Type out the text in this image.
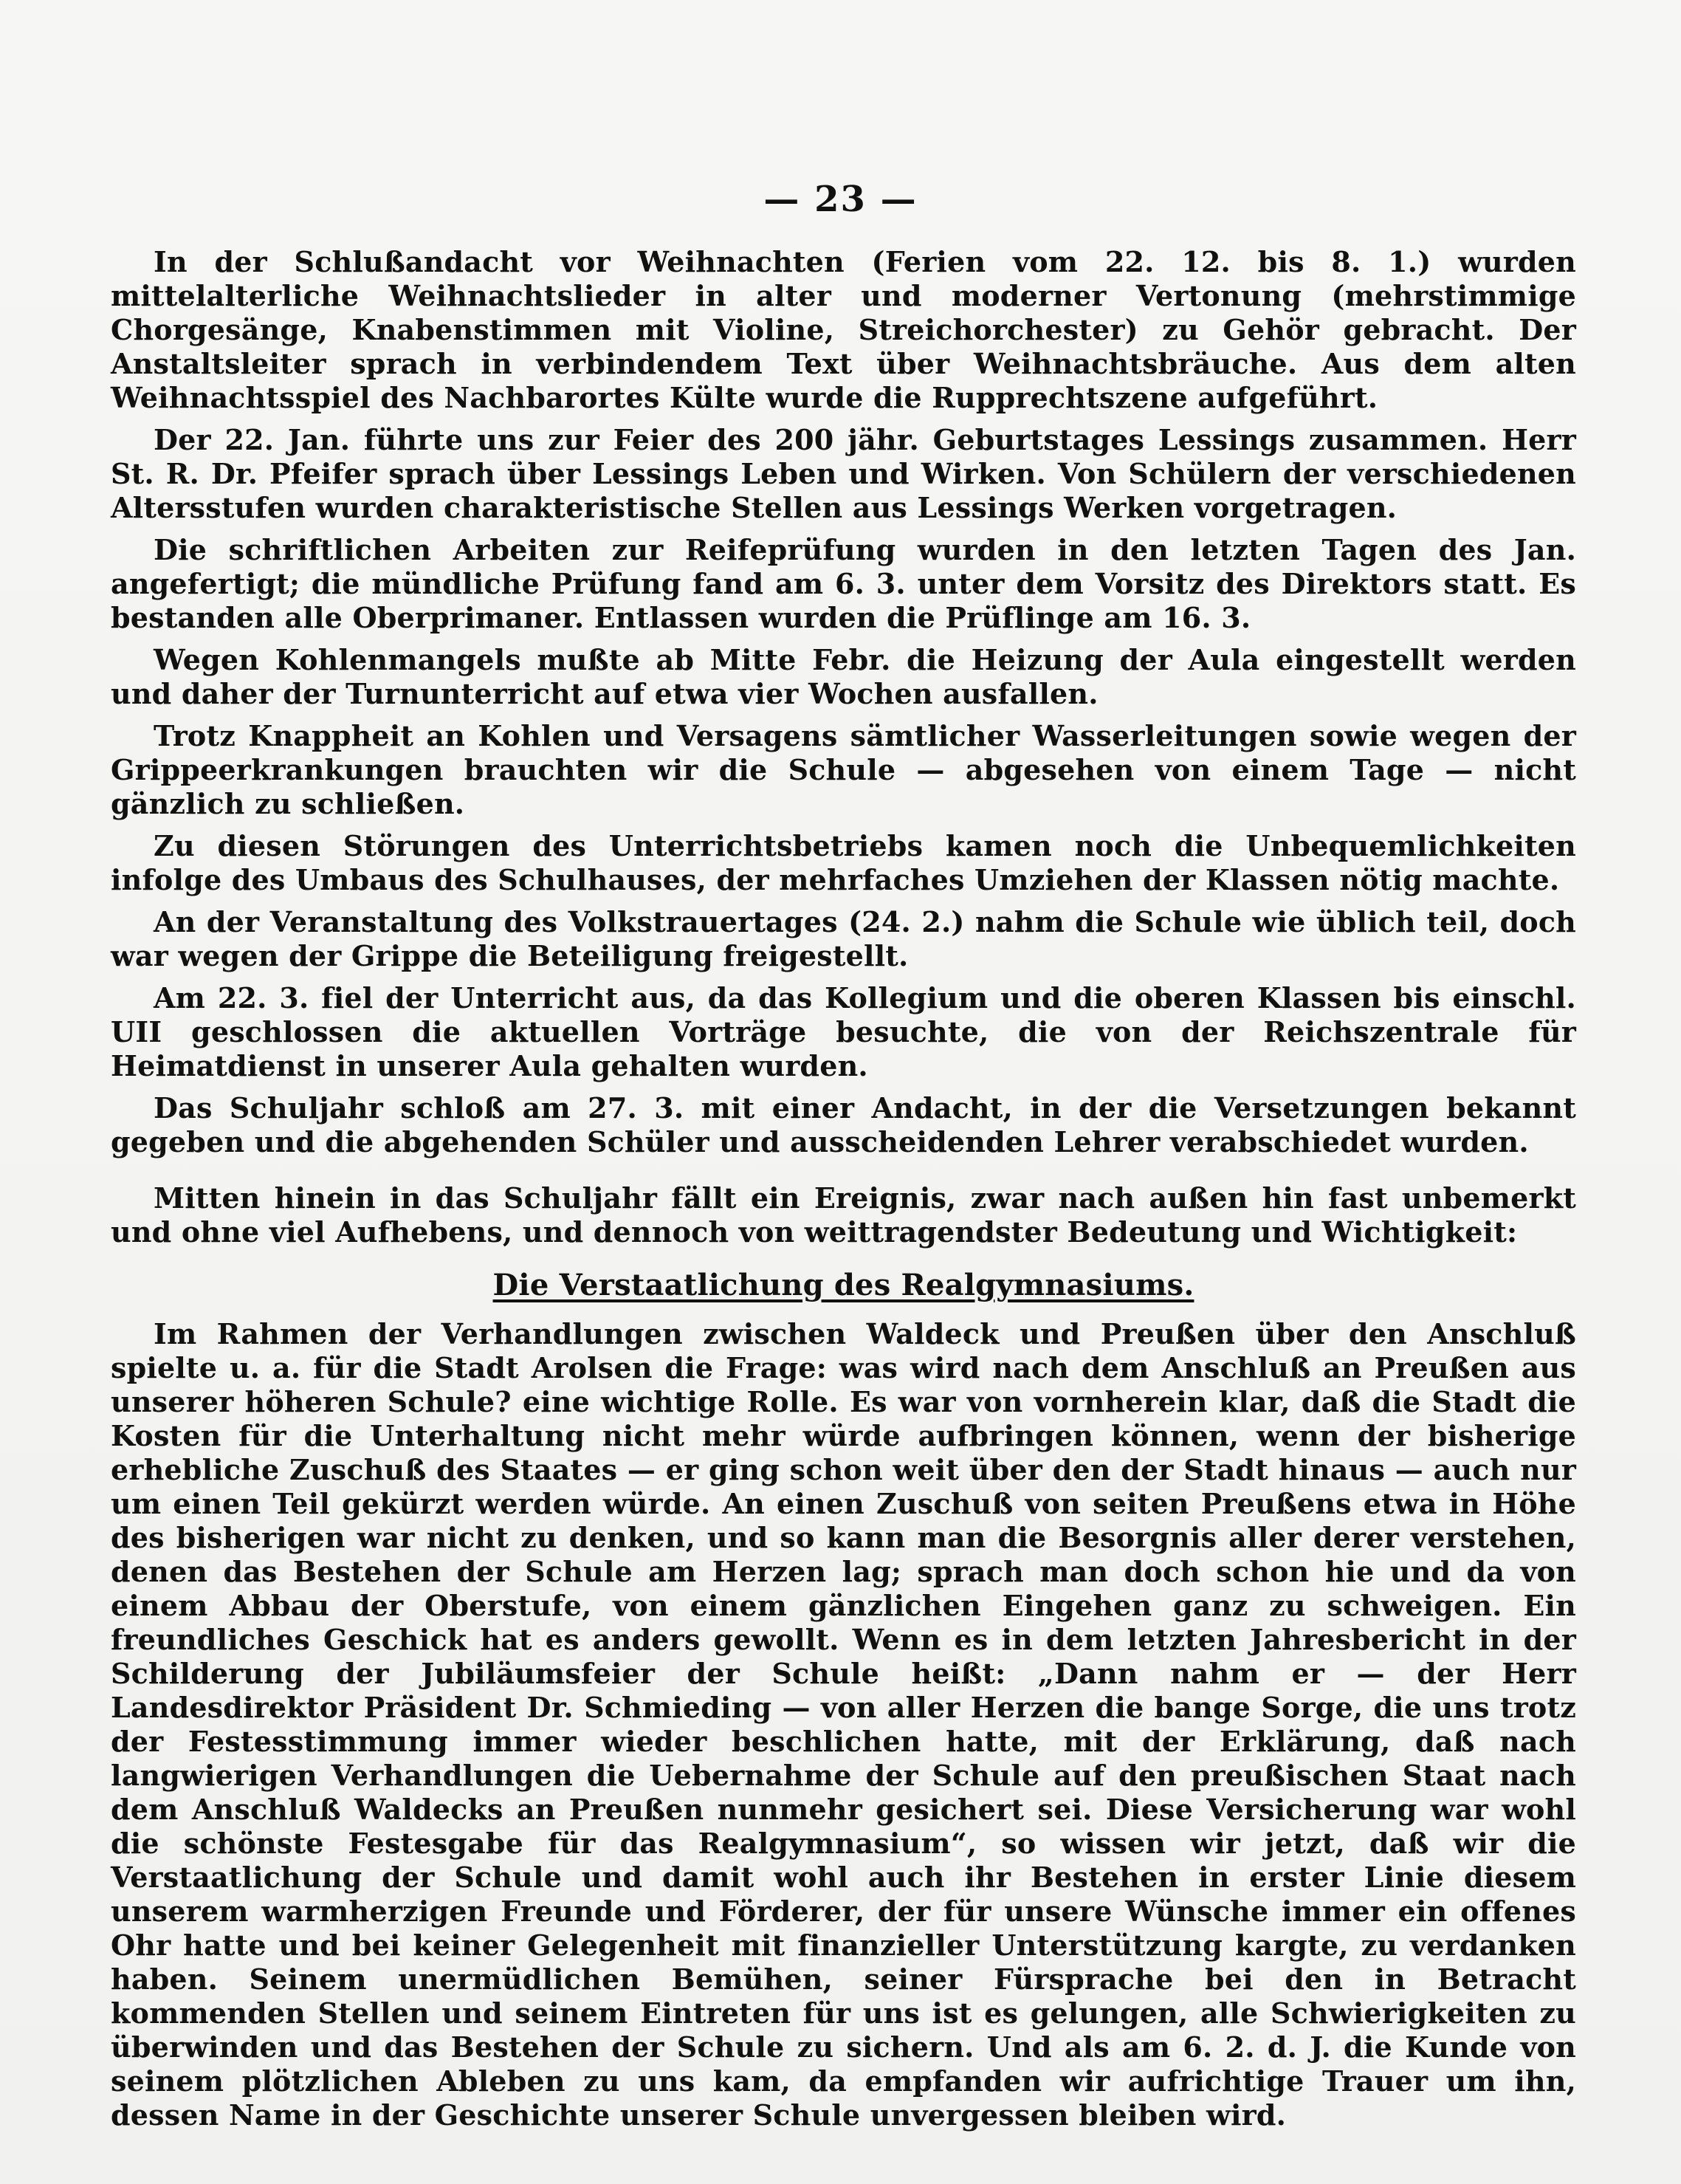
— 23 —

In der Schlußandacht vor Weihnachten (Ferien vom 22. 12. bis 8. 1.) wurden mittelalterliche Weihnachtslieder in alter und moderner Vertonung (mehrstimmige Chorgesänge, Knabenstimmen mit Violine, Streichorchester) zu Gehör gebracht. Der Anstaltsleiter sprach in verbindendem Text über Weihnachtsbräuche. Aus dem alten Weihnachtsspiel des Nachbarortes Külte wurde die Rupprechtszene aufgeführt.

Der 22. Jan. führte uns zur Feier des 200 jähr. Geburtstages Lessings zusammen. Herr St. R. Dr. Pfeifer sprach über Lessings Leben und Wirken. Von Schülern der verschiedenen Altersstufen wurden charakteristische Stellen aus Lessings Werken vorgetragen.

Die schriftlichen Arbeiten zur Reifeprüfung wurden in den letzten Tagen des Jan. angefertigt; die mündliche Prüfung fand am 6. 3. unter dem Vorsitz des Direktors statt. Es bestanden alle Oberprimaner. Entlassen wurden die Prüflinge am 16. 3.

Wegen Kohlenmangels mußte ab Mitte Febr. die Heizung der Aula eingestellt werden und daher der Turnunterricht auf etwa vier Wochen ausfallen.

Trotz Knappheit an Kohlen und Versagens sämtlicher Wasserleitungen sowie wegen der Grippeerkrankungen brauchten wir die Schule — abgesehen von einem Tage — nicht gänzlich zu schließen.

Zu diesen Störungen des Unterrichtsbetriebs kamen noch die Unbequemlichkeiten infolge des Umbaus des Schulhauses, der mehrfaches Umziehen der Klassen nötig machte.

An der Veranstaltung des Volkstrauertages (24. 2.) nahm die Schule wie üblich teil, doch war wegen der Grippe die Beteiligung freigestellt.

Am 22. 3. fiel der Unterricht aus, da das Kollegium und die oberen Klassen bis einschl. UII geschlossen die aktuellen Vorträge besuchte, die von der Reichszentrale für Heimatdienst in unserer Aula gehalten wurden.

Das Schuljahr schloß am 27. 3. mit einer Andacht, in der die Versetzungen bekannt gegeben und die abgehenden Schüler und ausscheidenden Lehrer verabschiedet wurden.

Mitten hinein in das Schuljahr fällt ein Ereignis, zwar nach außen hin fast unbemerkt und ohne viel Aufhebens, und dennoch von weittragendster Bedeutung und Wichtigkeit:

Die Verstaatlichung des Realgymnasiums.

Im Rahmen der Verhandlungen zwischen Waldeck und Preußen über den Anschluß spielte u. a. für die Stadt Arolsen die Frage: was wird nach dem Anschluß an Preußen aus unserer höheren Schule? eine wichtige Rolle. Es war von vornherein klar, daß die Stadt die Kosten für die Unterhaltung nicht mehr würde aufbringen können, wenn der bisherige erhebliche Zuschuß des Staates — er ging schon weit über den der Stadt hinaus — auch nur um einen Teil gekürzt werden würde. An einen Zuschuß von seiten Preußens etwa in Höhe des bisherigen war nicht zu denken, und so kann man die Besorgnis aller derer verstehen, denen das Bestehen der Schule am Herzen lag; sprach man doch schon hie und da von einem Abbau der Oberstufe, von einem gänzlichen Eingehen ganz zu schweigen. Ein freundliches Geschick hat es anders gewollt. Wenn es in dem letzten Jahresbericht in der Schilderung der Jubiläumsfeier der Schule heißt: „Dann nahm er — der Herr Landesdirektor Präsident Dr. Schmieding — von aller Herzen die bange Sorge, die uns trotz der Festesstimmung immer wieder beschlichen hatte, mit der Erklärung, daß nach langwierigen Verhandlungen die Uebernahme der Schule auf den preußischen Staat nach dem Anschluß Waldecks an Preußen nunmehr gesichert sei. Diese Versicherung war wohl die schönste Festesgabe für das Realgymnasium“, so wissen wir jetzt, daß wir die Verstaatlichung der Schule und damit wohl auch ihr Bestehen in erster Linie diesem unserem warmherzigen Freunde und Förderer, der für unsere Wünsche immer ein offenes Ohr hatte und bei keiner Gelegenheit mit finanzieller Unterstützung kargte, zu verdanken haben. Seinem unermüdlichen Bemühen, seiner Fürsprache bei den in Betracht kommenden Stellen und seinem Eintreten für uns ist es gelungen, alle Schwierigkeiten zu überwinden und das Bestehen der Schule zu sichern. Und als am 6. 2. d. J. die Kunde von seinem plötzlichen Ableben zu uns kam, da empfanden wir aufrichtige Trauer um ihn, dessen Name in der Geschichte unserer Schule unvergessen bleiben wird.
